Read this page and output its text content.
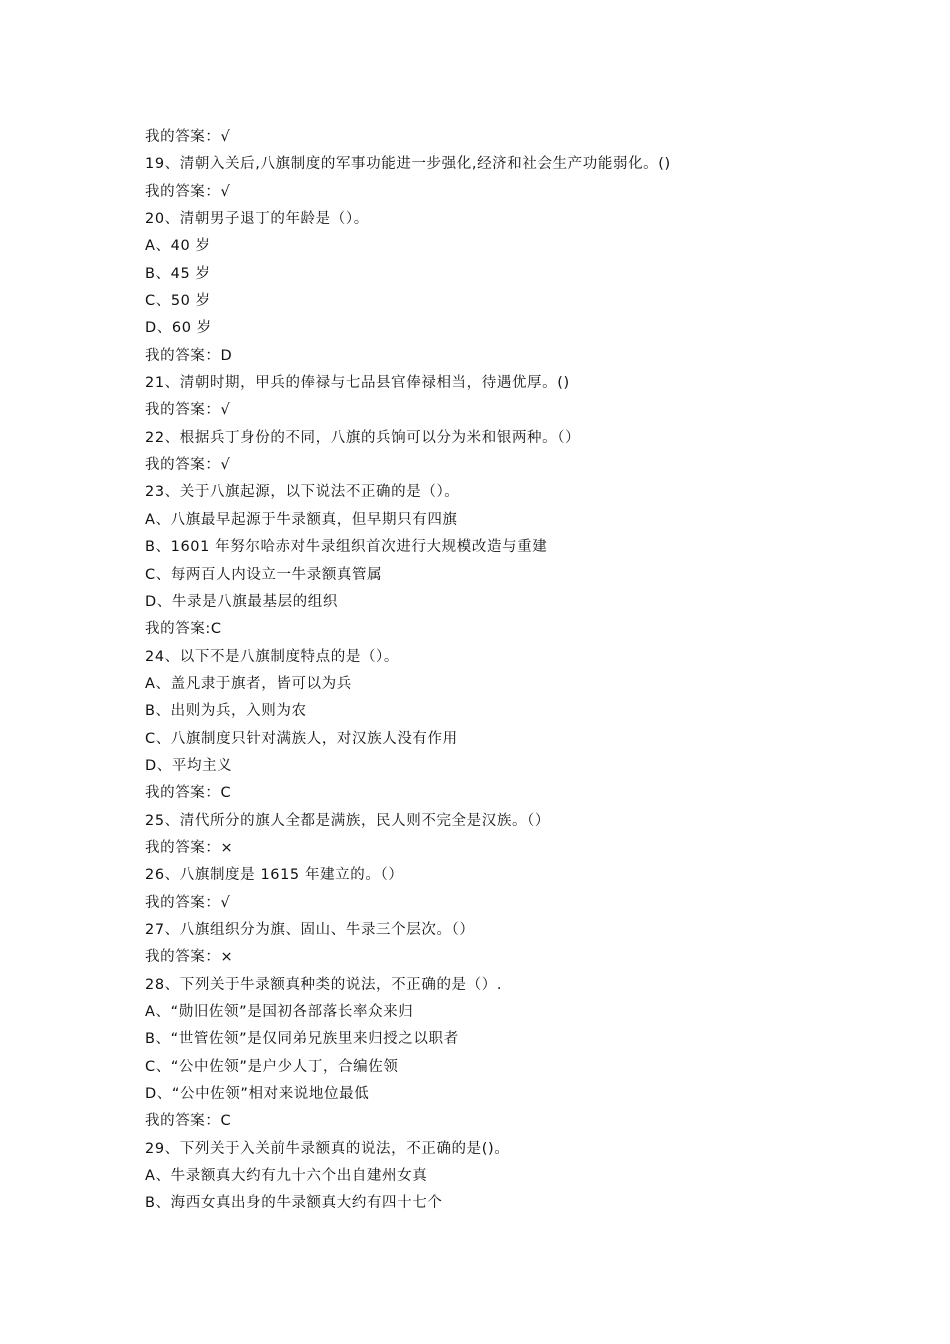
我的答案：√
19、清朝入关后,八旗制度的军事功能进一步强化,经济和社会生产功能弱化。()
我的答案：√
20、清朝男子退丁的年龄是（）。
A、40 岁
B、45 岁
C、50 岁
D、60 岁
我的答案：D
21、清朝时期，甲兵的俸禄与七品县官俸禄相当，待遇优厚。()
我的答案：√
22、根据兵丁身份的不同，八旗的兵饷可以分为米和银两种。（）
我的答案：√
23、关于八旗起源，以下说法不正确的是（）。
A、八旗最早起源于牛录额真，但早期只有四旗
B、1601 年努尔哈赤对牛录组织首次进行大规模改造与重建
C、每两百人内设立一牛录额真管属
D、牛录是八旗最基层的组织
我的答案:C
24、以下不是八旗制度特点的是（）。
A、盖凡隶于旗者，皆可以为兵
B、出则为兵，入则为农
C、八旗制度只针对满族人，对汉族人没有作用
D、平均主义
我的答案：C
25、清代所分的旗人全都是满族，民人则不完全是汉族。（）
我的答案：×
26、八旗制度是 1615 年建立的。（）
我的答案：√
27、八旗组织分为旗、固山、牛录三个层次。（）
我的答案：×
28、下列关于牛录额真种类的说法，不正确的是（）.
A、“勋旧佐领”是国初各部落长率众来归
B、“世管佐领”是仅同弟兄族里来归授之以职者
C、“公中佐领”是户少人丁，合编佐领
D、“公中佐领”相对来说地位最低
我的答案：C
29、下列关于入关前牛录额真的说法，不正确的是()。
A、牛录额真大约有九十六个出自建州女真
B、海西女真出身的牛录额真大约有四十七个
